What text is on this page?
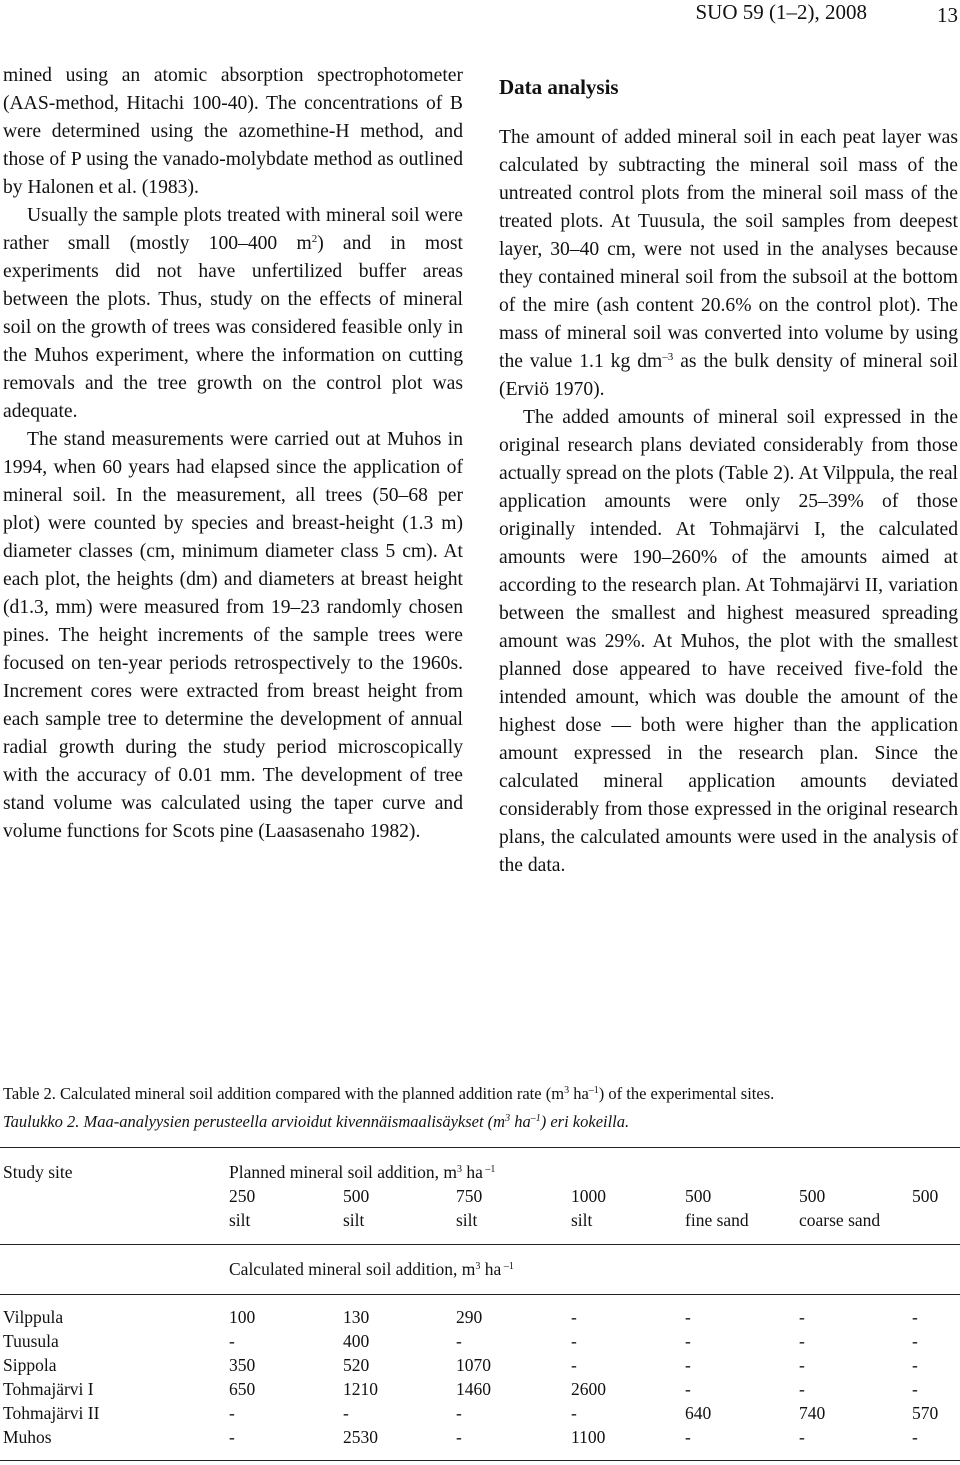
SUO 59 (1–2), 2008	13

mined using an atomic absorption spectrophotometer (AAS-method, Hitachi 100-40). The concentrations of B were determined using the azomethine-H method, and those of P using the vanado-molybdate method as outlined by Halonen et al. (1983).

Usually the sample plots treated with mineral soil were rather small (mostly 100–400 $m^2$) and in most experiments did not have unfertilized buffer areas between the plots. Thus, study on the effects of mineral soil on the growth of trees was considered feasible only in the Muhos experiment, where the information on cutting removals and the tree growth on the control plot was adequate.

The stand measurements were carried out at Muhos in 1994, when 60 years had elapsed since the application of mineral soil. In the measurement, all trees (50–68 per plot) were counted by species and breast-height (1.3 m) diameter classes (cm, minimum diameter class 5 cm). At each plot, the heights (dm) and diameters at breast height (d1.3, mm) were measured from 19–23 randomly chosen pines. The height increments of the sample trees were focused on ten-year periods retrospectively to the 1960s. Increment cores were extracted from breast height from each sample tree to determine the development of annual radial growth during the study period microscopically with the accuracy of 0.01 mm. The development of tree stand volume was calculated using the taper curve and volume functions for Scots pine (Laasasenaho 1982).

Data analysis

The amount of added mineral soil in each peat layer was calculated by subtracting the mineral soil mass of the untreated control plots from the mineral soil mass of the treated plots. At Tuusula, the soil samples from deepest layer, 30–40 cm, were not used in the analyses because they contained mineral soil from the subsoil at the bottom of the mire (ash content 20.6% on the control plot). The mass of mineral soil was converted into volume by using the value 1.1 kg $dm^{-3}$ as the bulk density of mineral soil (Erviö 1970).

The added amounts of mineral soil expressed in the original research plans deviated considerably from those actually spread on the plots (Table 2). At Vilppula, the real application amounts were only 25–39% of those originally intended. At Tohmajärvi I, the calculated amounts were 190–260% of the amounts aimed at according to the research plan. At Tohmajärvi II, variation between the smallest and highest measured spreading amount was 29%. At Muhos, the plot with the smallest planned dose appeared to have received five-fold the intended amount, which was double the amount of the highest dose — both were higher than the application amount expressed in the research plan. Since the calculated mineral application amounts deviated considerably from those expressed in the original research plans, the calculated amounts were used in the analysis of the data.

Table 2. Calculated mineral soil addition compared with the planned addition rate ($m^3$ $ha^{-1}$) of the experimental sites.
Taulukko 2. Maa-analyysien perusteella arvioidut kivennäismaalisäykset ($m^3$ $ha^{-1}$) eri kokeilla.
Study site	Planned mineral soil addition, $m^3$ ha $^{-1}$
Calculated mineral soil addition, $m^3$ ha $^{-1}$
250	500	750	1000	500	500	500
silt	silt	silt	silt	fine sand	coarse sand
Vilppula	100	130	290	-	-	-	-
Tuusula	-	400	-	-	-	-	-
Sippola	350	520	1070	-	-	-	-
Tohmajärvi I	650	1210	1460	2600	-	-	-
Tohmajärvi II	-	-	-	-	640	740	570
Muhos	-	2530	-	1100	-	-	-
